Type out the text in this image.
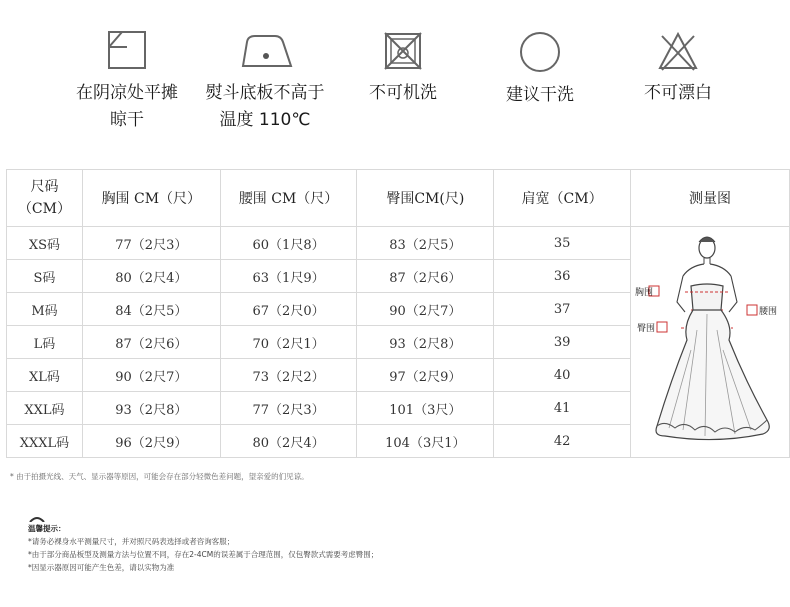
在阴凉处平摊
晾干
熨斗底板不高于
温度 110℃
不可机洗	建议干洗	不可漂白
尺码
（CM）	胸围 CM（尺）	腰围 CM（尺）	臀围CM(尺)	肩宽（CM）	测量图
XS码	77（2尺3）	60（1尺8）	83（2尺5）	35	胸围
腰围
臀围

S码	80（2尺4）	63（1尺9）	87（2尺6）	36	
M码	84（2尺5）	67（2尺0）	90（2尺7）	37	
L码	87（2尺6）	70（2尺1）	93（2尺8）	39	
XL码	90（2尺7）	73（2尺2）	97（2尺9）	40	
XXL码	93（2尺8）	77（2尺3）	101（3尺）	41	
XXXL码	96（2尺9）	80（2尺4）	104（3尺1）	42	
* 由于拍摄光线、天气、显示器等原因，可能会存在部分轻微色差问题，望亲爱的们见谅。
温馨提示：
*请务必裸身水平测量尺寸，并对照尺码表选择或者咨询客服；
*由于部分商品板型及测量方法与位置不同，存在2-4CM的误差属于合理范围，仅包臀款式需要考虑臀围；
*因显示器原因可能产生色差，请以实物为准
